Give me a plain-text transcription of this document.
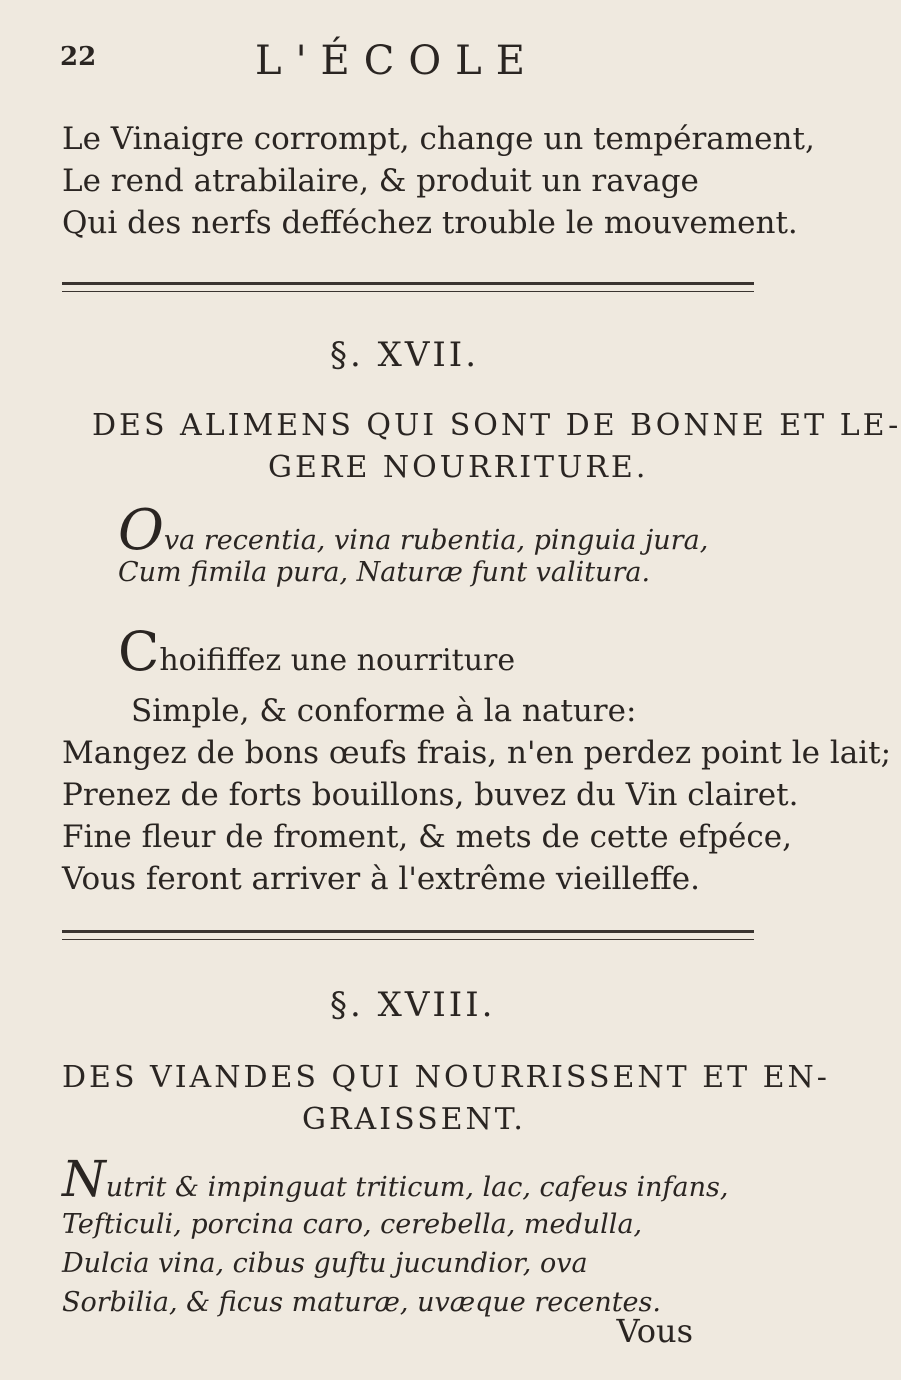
22	L'ÉCOLE
Le Vinaigre corrompt, change un tempérament,
Le rend atrabilaire, & produit un ravage
Qui des nerfs defféchez trouble le mouvement.
§. XVII.
DES ALIMENS QUI SONT DE BONNE ET LE-
GERE NOURRITURE.
Ova recentia, vina rubentia, pinguia jura,
Cum fimila pura, Naturæ funt valitura.
Choififfez une nourriture
Simple, & conforme à la nature:
Mangez de bons œufs frais, n'en perdez point le lait;
Prenez de forts bouillons, buvez du Vin clairet.
Fine fleur de froment, & mets de cette efpéce,
Vous feront arriver à l'extrême vieilleffe.
§. XVIII.
DES VIANDES QUI NOURRISSENT ET EN-
GRAISSENT.
Nutrit & impinguat triticum, lac, cafeus infans,
Tefticuli, porcina caro, cerebella, medulla,
Dulcia vina, cibus guftu jucundior, ova
Sorbilia, & ficus maturæ, uvæque recentes.
Vous
